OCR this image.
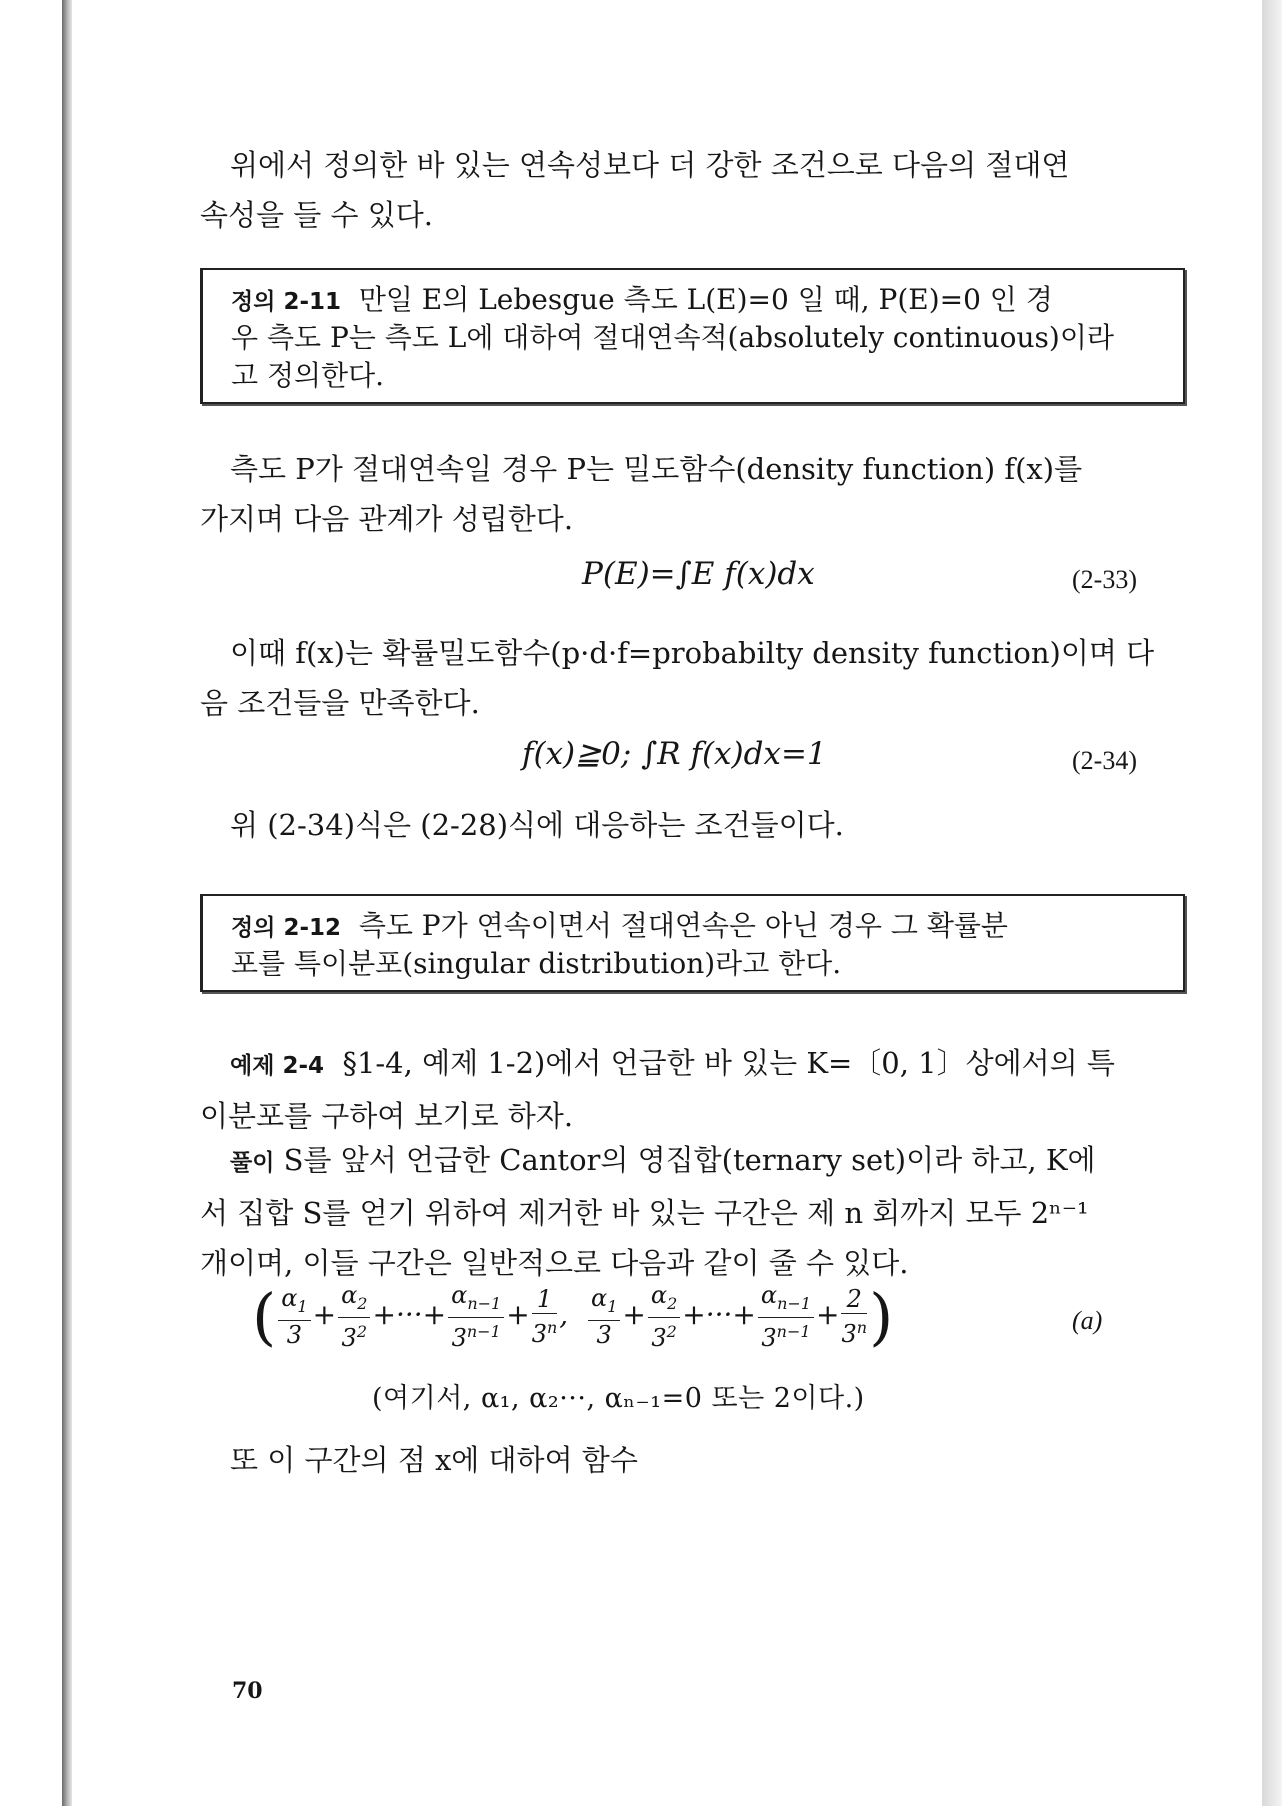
위에서 정의한 바 있는 연속성보다 더 강한 조건으로 다음의 절대연
속성을 들 수 있다.
정의 2-11 만일 E의 Lebesgue 측도 L(E)=0 일 때, P(E)=0 인 경
우 측도 P는 측도 L에 대하여 절대연속적(absolutely continuous)이라
고 정의한다.
측도 P가 절대연속일 경우 P는 밀도함수(density function) f(x)를
가지며 다음 관계가 성립한다.
P(E)=∫E f(x)dx	(2-33)
이때 f(x)는 확률밀도함수(p·d·f=probabilty density function)이며 다
음 조건들을 만족한다.
f(x)≧0; ∫R f(x)dx=1	(2-34)
위 (2-34)식은 (2-28)식에 대응하는 조건들이다.
정의 2-12 측도 P가 연속이면서 절대연속은 아닌 경우 그 확률분
포를 특이분포(singular distribution)라고 한다.
예제 2-4 §1-4, 예제 1-2)에서 언급한 바 있는 K=〔0, 1〕상에서의 특
이분포를 구하여 보기로 하자.
풀이 S를 앞서 언급한 Cantor의 영집합(ternary set)이라 하고, K에
서 집합 S를 얻기 위하여 제거한 바 있는 구간은 제 n 회까지 모두 2ⁿ⁻¹
개이며, 이들 구간은 일반적으로 다음과 같이 줄 수 있다.
( $\frac{\alpha_1}{3} + \frac{\alpha_2}{3^2}$ +···+ $\frac{\alpha_{n-1}}{3^{n-1}} + \frac{1}{3^n}$ , $\frac{\alpha_1}{3} + \frac{\alpha_2}{3^2}$ +···+ $\frac{\alpha_{n-1}}{3^{n-1}} + \frac{2}{3^n}$ )	(a)
(여기서, α₁, α₂···, αₙ₋₁=0 또는 2이다.)
또 이 구간의 점 x에 대하여 함수
70
